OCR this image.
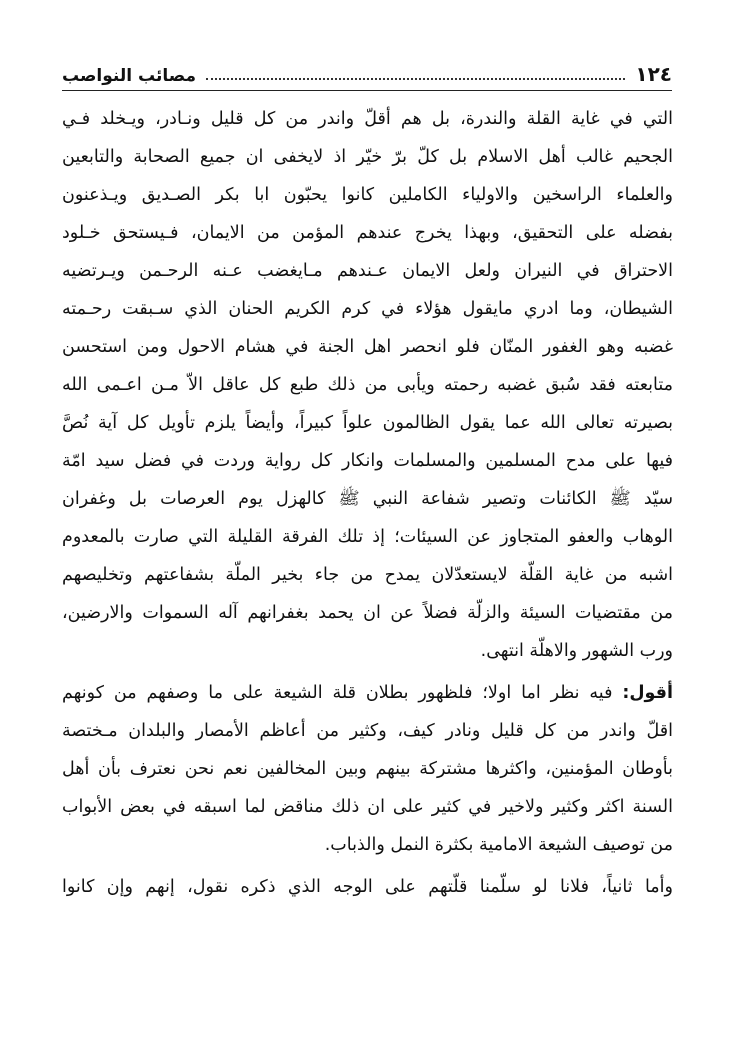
١٢٤
مصائب النواصب
التي في غاية القلة والندرة، بل هم أقلّ واندر من كل قليل ونـادر، ويـخلد فـي
الجحيم غالب أهل الاسلام بل كلّ برّ خيّر اذ لايخفى ان جميع الصحابة والتابعين
والعلماء الراسخين والاولياء الكاملين كانوا يحبّون ابا بكر الصـديق ويـذعنون
بفضله على التحقيق، وبهذا يخرج عندهم المؤمن من الايمان، فـيستحق خـلود
الاحتراق في النيران ولعل الايمان عـندهم مـايغضب عـنه الرحـمن ويـرتضيه
الشيطان، وما ادري مايقول هؤلاء في كرم الكريم الحنان الذي سـبقت رحـمته
غضبه وهو الغفور المنّان فلو انحصر اهل الجنة في هشام الاحول ومن استحسن
متابعته فقد سُبق غضبه رحمته ويأبى من ذلك طبع كل عاقل الاّ مـن اعـمى الله
بصيرته تعالى الله عما يقول الظالمون علواً كبيراً، وأيضاً يلزم تأويل كل آية نُصَّ
فيها على مدح المسلمين والمسلمات وانكار كل رواية وردت في فضل سيد امّة
سيّد ﷺ الكائنات وتصير شفاعة النبي ﷺ كالهزل يوم العرصات بل وغفران
الوهاب والعفو المتجاوز عن السيئات؛ إذ تلك الفرقة القليلة التي صارت بالمعدوم
اشبه من غاية القلّة لايستعدّلان يمدح من جاء بخير الملّة بشفاعتهم وتخليصهم
من مقتضيات السيئة والزلّة فضلاً عن ان يحمد بغفرانهم آله السموات والارضين،
ورب الشهور والاهلّة انتهى.
أقول: فيه نظر اما اولا؛ فلظهور بطلان قلة الشيعة على ما وصفهم من كونهم
اقلّ واندر من كل قليل ونادر كيف، وكثير من أعاظم الأمصار والبلدان مـختصة
بأوطان المؤمنين، واكثرها مشتركة بينهم وبين المخالفين نعم نحن نعترف بأن أهل
السنة اكثر وكثير ولاخير في كثير على ان ذلك مناقض لما اسبقه في بعض الأبواب
من توصيف الشيعة الامامية بكثرة النمل والذباب.
وأما ثانياً، فلانا لو سلّمنا قلّتهم على الوجه الذي ذكره نقول، إنهم وإن كانوا
